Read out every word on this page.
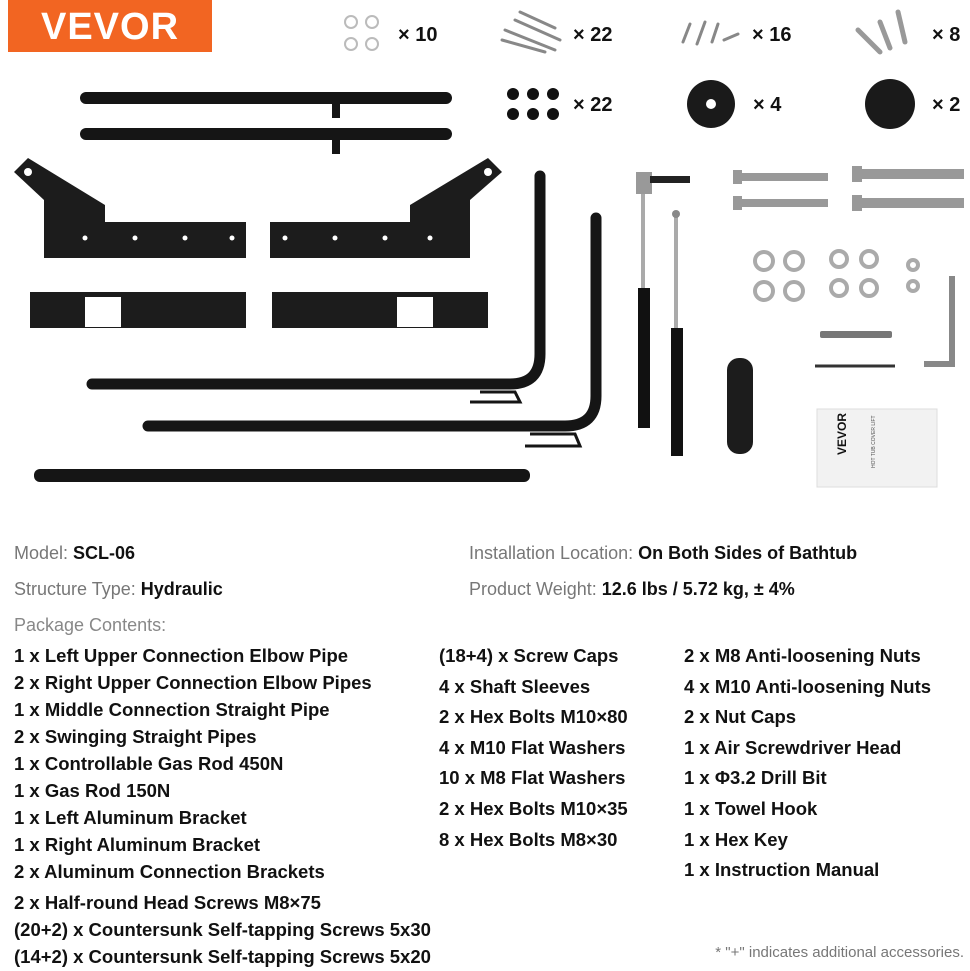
VEVOR
VEVOR	HOT TUB COVER LIFT
× 10	× 22	× 16	× 8
× 22	× 4	× 2
Model: SCL-06
Structure Type: Hydraulic
Installation Location: On Both Sides of Bathtub
Product Weight: 12.6 lbs / 5.72 kg, ± 4%
Package Contents:
1 x Left Upper Connection Elbow Pipe
2 x Right Upper Connection Elbow Pipes
1 x Middle Connection Straight Pipe
2 x Swinging Straight Pipes
1 x Controllable Gas Rod 450N
1 x Gas Rod 150N
1 x Left Aluminum Bracket
1 x Right Aluminum Bracket
2 x Aluminum Connection Brackets
2 x Half-round Head Screws M8×75
(20+2) x Countersunk Self-tapping Screws 5x30
(14+2) x Countersunk Self-tapping Screws 5x20
(18+4) x Screw Caps
4 x Shaft Sleeves
2 x Hex Bolts M10×80
4 x M10 Flat Washers
10 x M8 Flat Washers
2 x Hex Bolts M10×35
8 x Hex Bolts M8×30
2 x M8 Anti-loosening Nuts
4 x M10 Anti-loosening Nuts
2 x Nut Caps
1 x Air Screwdriver Head
1 x Φ3.2 Drill Bit
1 x Towel Hook
1 x Hex Key
1 x Instruction Manual
* "+" indicates additional accessories.
